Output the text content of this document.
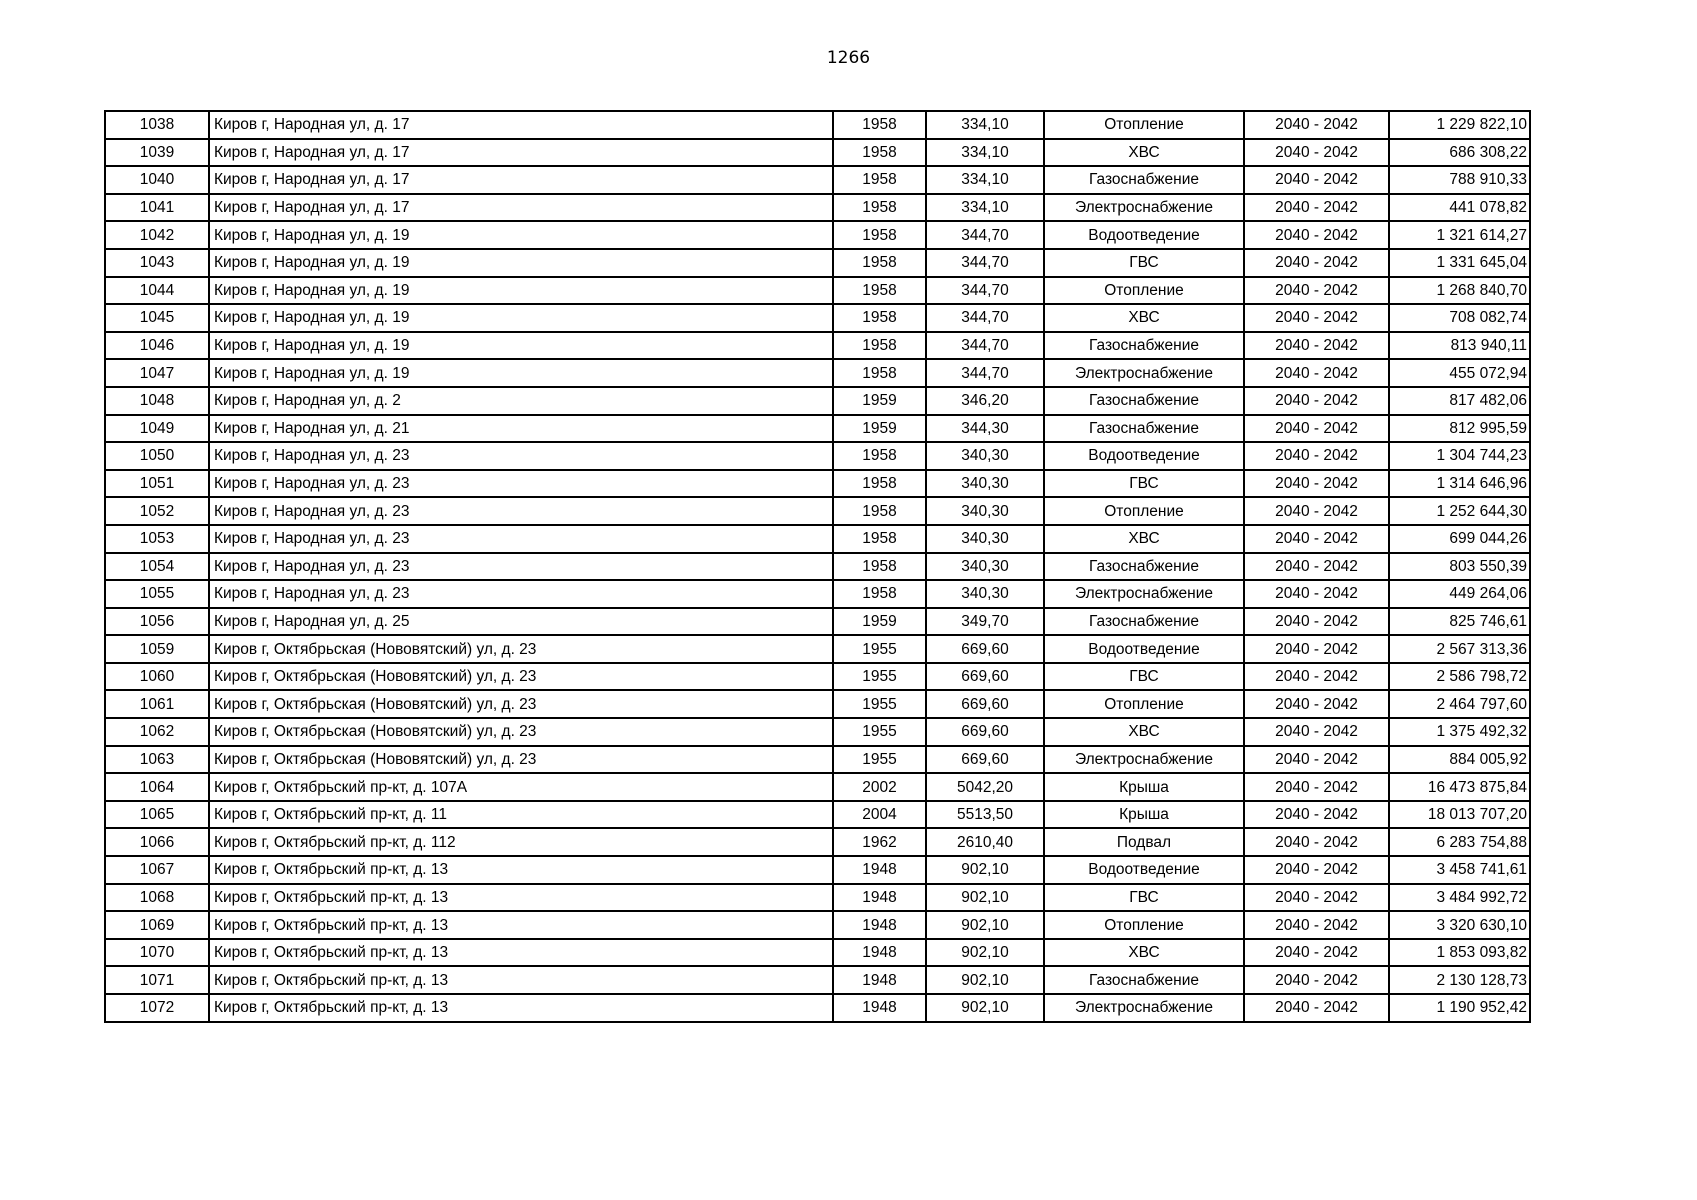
1266
1038	Киров г, Народная ул, д. 17	1958	334,10	Отопление	2040 - 2042	1 229 822,10
1039	Киров г, Народная ул, д. 17	1958	334,10	ХВС	2040 - 2042	686 308,22
1040	Киров г, Народная ул, д. 17	1958	334,10	Газоснабжение	2040 - 2042	788 910,33
1041	Киров г, Народная ул, д. 17	1958	334,10	Электроснабжение	2040 - 2042	441 078,82
1042	Киров г, Народная ул, д. 19	1958	344,70	Водоотведение	2040 - 2042	1 321 614,27
1043	Киров г, Народная ул, д. 19	1958	344,70	ГВС	2040 - 2042	1 331 645,04
1044	Киров г, Народная ул, д. 19	1958	344,70	Отопление	2040 - 2042	1 268 840,70
1045	Киров г, Народная ул, д. 19	1958	344,70	ХВС	2040 - 2042	708 082,74
1046	Киров г, Народная ул, д. 19	1958	344,70	Газоснабжение	2040 - 2042	813 940,11
1047	Киров г, Народная ул, д. 19	1958	344,70	Электроснабжение	2040 - 2042	455 072,94
1048	Киров г, Народная ул, д. 2	1959	346,20	Газоснабжение	2040 - 2042	817 482,06
1049	Киров г, Народная ул, д. 21	1959	344,30	Газоснабжение	2040 - 2042	812 995,59
1050	Киров г, Народная ул, д. 23	1958	340,30	Водоотведение	2040 - 2042	1 304 744,23
1051	Киров г, Народная ул, д. 23	1958	340,30	ГВС	2040 - 2042	1 314 646,96
1052	Киров г, Народная ул, д. 23	1958	340,30	Отопление	2040 - 2042	1 252 644,30
1053	Киров г, Народная ул, д. 23	1958	340,30	ХВС	2040 - 2042	699 044,26
1054	Киров г, Народная ул, д. 23	1958	340,30	Газоснабжение	2040 - 2042	803 550,39
1055	Киров г, Народная ул, д. 23	1958	340,30	Электроснабжение	2040 - 2042	449 264,06
1056	Киров г, Народная ул, д. 25	1959	349,70	Газоснабжение	2040 - 2042	825 746,61
1059	Киров г, Октябрьская (Нововятский) ул, д. 23	1955	669,60	Водоотведение	2040 - 2042	2 567 313,36
1060	Киров г, Октябрьская (Нововятский) ул, д. 23	1955	669,60	ГВС	2040 - 2042	2 586 798,72
1061	Киров г, Октябрьская (Нововятский) ул, д. 23	1955	669,60	Отопление	2040 - 2042	2 464 797,60
1062	Киров г, Октябрьская (Нововятский) ул, д. 23	1955	669,60	ХВС	2040 - 2042	1 375 492,32
1063	Киров г, Октябрьская (Нововятский) ул, д. 23	1955	669,60	Электроснабжение	2040 - 2042	884 005,92
1064	Киров г, Октябрьский пр-кт, д. 107А	2002	5042,20	Крыша	2040 - 2042	16 473 875,84
1065	Киров г, Октябрьский пр-кт, д. 11	2004	5513,50	Крыша	2040 - 2042	18 013 707,20
1066	Киров г, Октябрьский пр-кт, д. 112	1962	2610,40	Подвал	2040 - 2042	6 283 754,88
1067	Киров г, Октябрьский пр-кт, д. 13	1948	902,10	Водоотведение	2040 - 2042	3 458 741,61
1068	Киров г, Октябрьский пр-кт, д. 13	1948	902,10	ГВС	2040 - 2042	3 484 992,72
1069	Киров г, Октябрьский пр-кт, д. 13	1948	902,10	Отопление	2040 - 2042	3 320 630,10
1070	Киров г, Октябрьский пр-кт, д. 13	1948	902,10	ХВС	2040 - 2042	1 853 093,82
1071	Киров г, Октябрьский пр-кт, д. 13	1948	902,10	Газоснабжение	2040 - 2042	2 130 128,73
1072	Киров г, Октябрьский пр-кт, д. 13	1948	902,10	Электроснабжение	2040 - 2042	1 190 952,42
